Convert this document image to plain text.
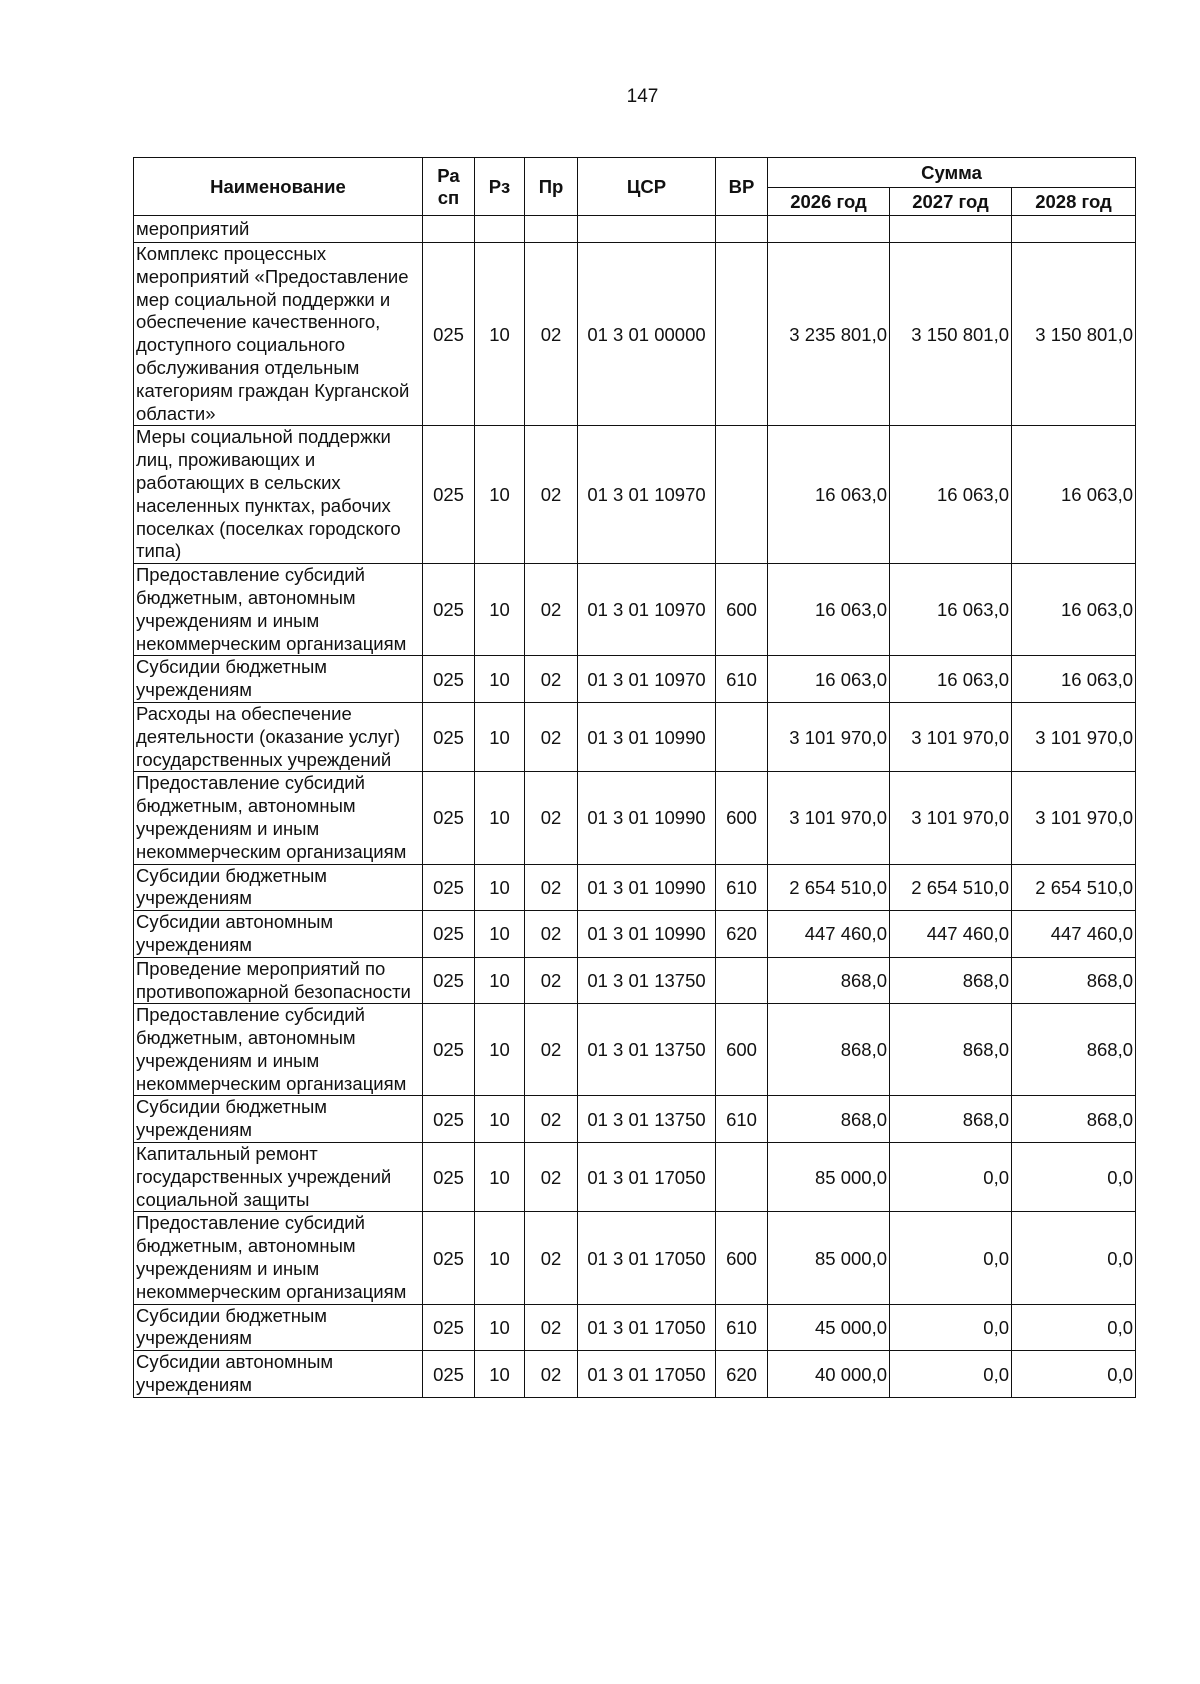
147
Наименование	Ра сп	Рз	Пр	ЦСР	ВР	Сумма		
						2026 год	2027 год	2028 год
мероприятий								
Комплекс процессных мероприятий «Предоставление мер социальной поддержки и обеспечение качественного, доступного социального обслуживания отдельным категориям граждан Курганской области»	025	10	02	01 3 01 00000		3 235 801,0	3 150 801,0	3 150 801,0
Меры социальной поддержки лиц, проживающих и работающих в сельских населенных пунктах, рабочих поселках (поселках городского типа)	025	10	02	01 3 01 10970		16 063,0	16 063,0	16 063,0
Предоставление субсидий бюджетным, автономным учреждениям и иным некоммерческим организациям	025	10	02	01 3 01 10970	600	16 063,0	16 063,0	16 063,0
Субсидии бюджетным учреждениям	025	10	02	01 3 01 10970	610	16 063,0	16 063,0	16 063,0
Расходы на обеспечение деятельности (оказание услуг) государственных учреждений	025	10	02	01 3 01 10990		3 101 970,0	3 101 970,0	3 101 970,0
Предоставление субсидий бюджетным, автономным учреждениям и иным некоммерческим организациям	025	10	02	01 3 01 10990	600	3 101 970,0	3 101 970,0	3 101 970,0
Субсидии бюджетным учреждениям	025	10	02	01 3 01 10990	610	2 654 510,0	2 654 510,0	2 654 510,0
Субсидии автономным учреждениям	025	10	02	01 3 01 10990	620	447 460,0	447 460,0	447 460,0
Проведение мероприятий по противопожарной безопасности	025	10	02	01 3 01 13750		868,0	868,0	868,0
Предоставление субсидий бюджетным, автономным учреждениям и иным некоммерческим организациям	025	10	02	01 3 01 13750	600	868,0	868,0	868,0
Субсидии бюджетным учреждениям	025	10	02	01 3 01 13750	610	868,0	868,0	868,0
Капитальный ремонт государственных учреждений социальной защиты	025	10	02	01 3 01 17050		85 000,0	0,0	0,0
Предоставление субсидий бюджетным, автономным учреждениям и иным некоммерческим организациям	025	10	02	01 3 01 17050	600	85 000,0	0,0	0,0
Субсидии бюджетным учреждениям	025	10	02	01 3 01 17050	610	45 000,0	0,0	0,0
Субсидии автономным учреждениям	025	10	02	01 3 01 17050	620	40 000,0	0,0	0,0
